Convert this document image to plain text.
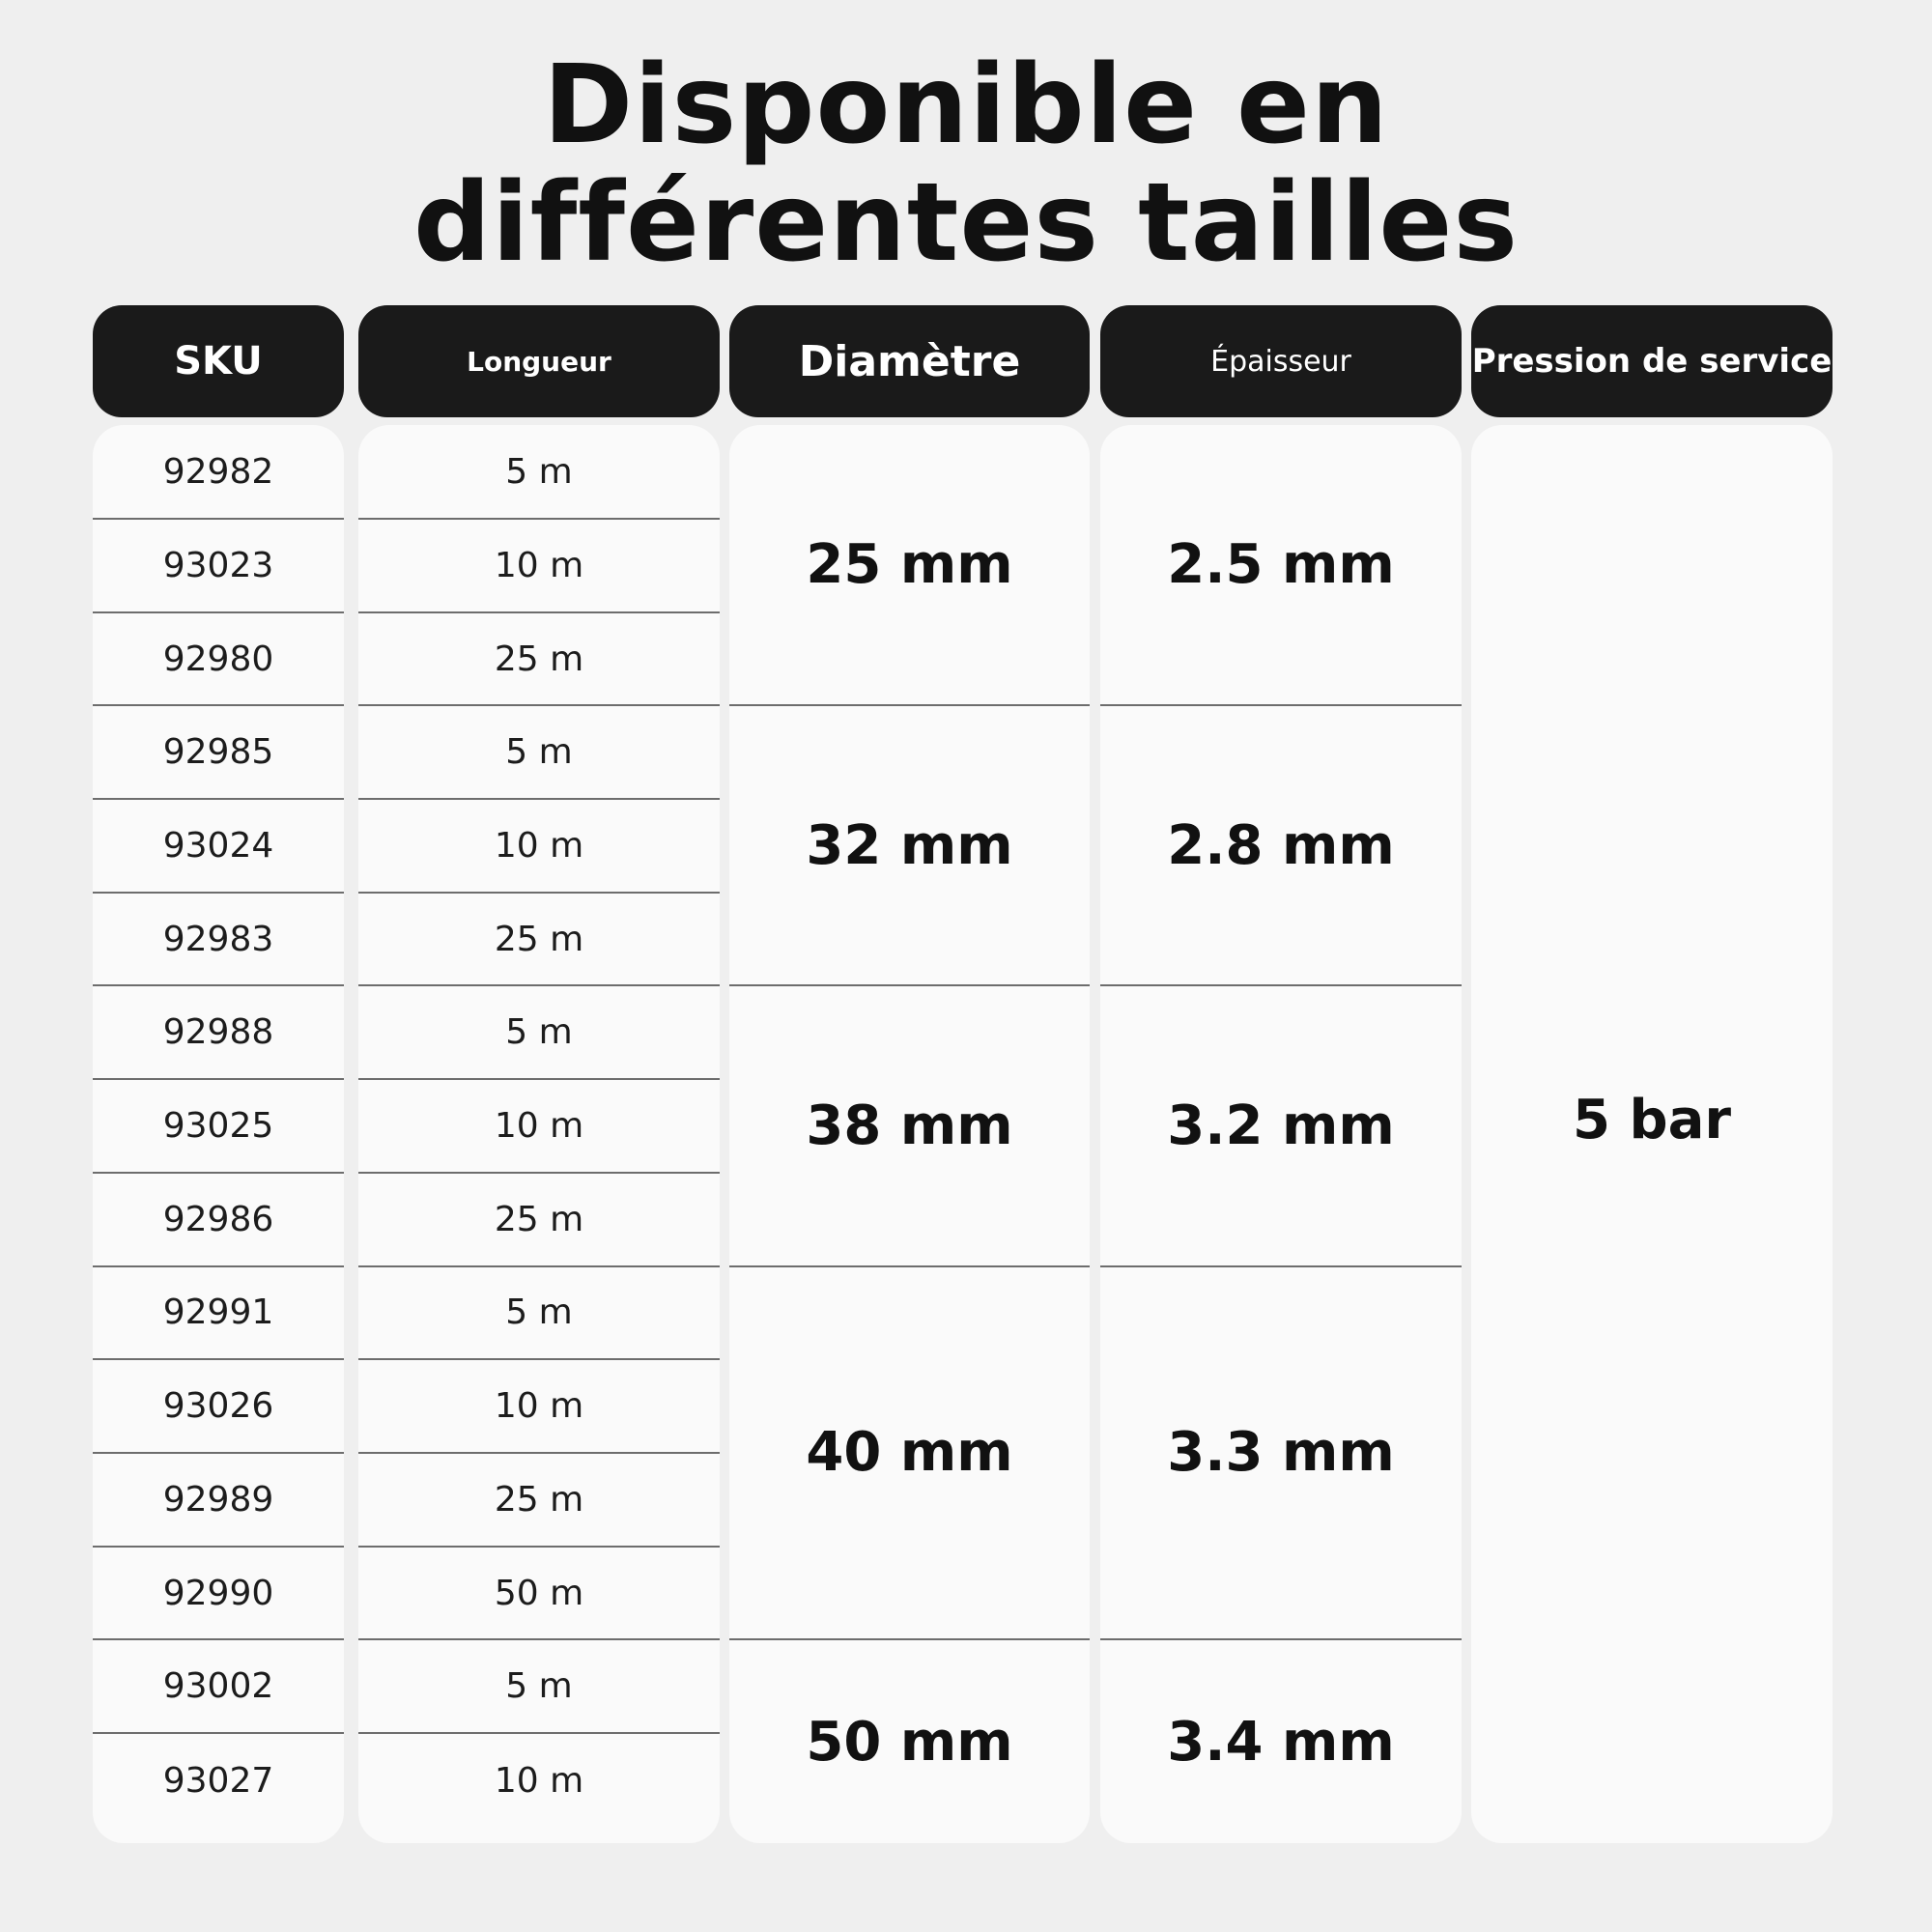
Disponible en
différentes tailles
SKU
92982
93023
92980
92985
93024
92983
92988
93025
92986
92991
93026
92989
92990
93002
93027
Longueur
5 m
10 m
25 m
5 m
10 m
25 m
5 m
10 m
25 m
5 m
10 m
25 m
50 m
5 m
10 m
Diamètre
25 mm
32 mm
38 mm
40 mm
50 mm
Épaisseur
2.5 mm
2.8 mm
3.2 mm
3.3 mm
3.4 mm
Pression de service
5 bar
